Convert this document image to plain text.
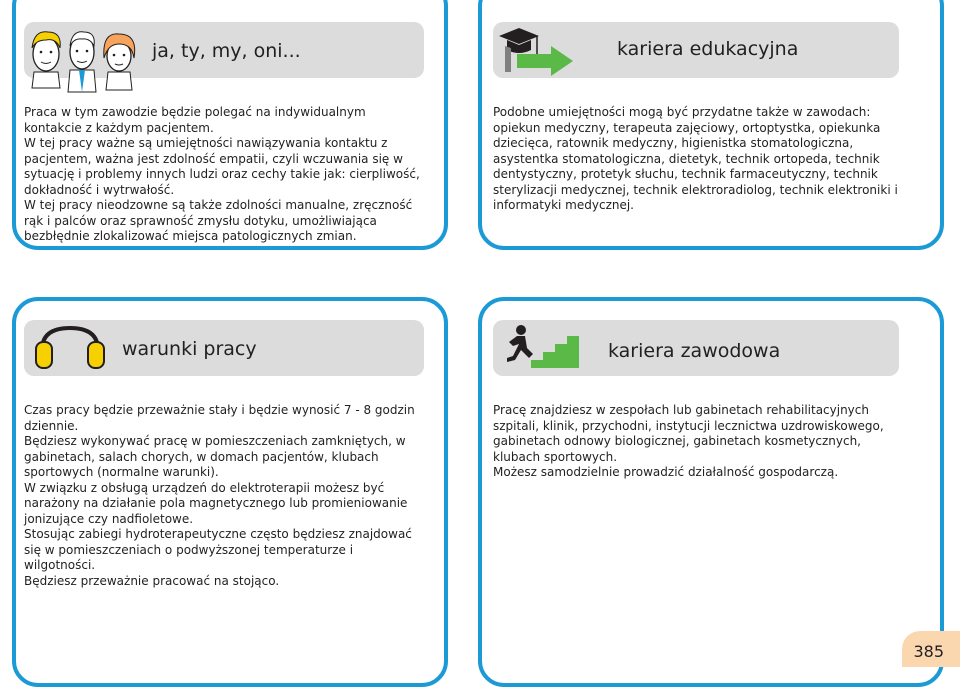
ja, ty, my, oni...

Praca w tym zawodzie będzie polegać na indywidualnym kontakcie z każdym pacjentem.

W tej pracy ważne są umiejętności nawiązywania kontaktu z pacjentem, ważna jest zdolność empatii, czyli wczuwania się w sytuację i problemy innych ludzi oraz cechy takie jak: cierpliwość, dokładność i wytrwałość.

W tej pracy nieodzowne są także zdolności manualne, zręczność rąk i palców oraz sprawność zmysłu dotyku, umożliwiająca bezbłędnie zlokalizować miejsca patologicznych zmian.

kariera edukacyjna

Podobne umiejętności mogą być przydatne także w zawodach: opiekun medyczny, terapeuta zajęciowy, ortoptystka, opiekunka dziecięca, ratownik medyczny, higienistka stomatologiczna, asystentka stomatologiczna, dietetyk, technik ortopeda, technik dentystyczny, protetyk słuchu, technik farmaceutyczny, technik sterylizacji medycznej, technik elektroradiolog, technik elektroniki i informatyki medycznej.

warunki pracy

Czas pracy będzie przeważnie stały i będzie wynosić 7 - 8 godzin dziennie.

Będziesz wykonywać pracę w pomieszczeniach zamkniętych, w gabinetach, salach chorych, w domach pacjentów, klubach sportowych (normalne warunki).

W związku z obsługą urządzeń do elektroterapii możesz być narażony na działanie pola magnetycznego lub promieniowanie jonizujące czy nadfioletowe.

Stosując zabiegi hydroterapeutyczne często będziesz znajdować się w pomieszczeniach o podwyższonej temperaturze i wilgotności.

Będziesz przeważnie pracować na stojąco.

kariera zawodowa

Pracę znajdziesz w zespołach lub gabinetach rehabilitacyjnych szpitali, klinik, przychodni, instytucji lecznictwa uzdrowiskowego, gabinetach odnowy biologicznej, gabinetach kosmetycznych, klubach sportowych.

Możesz samodzielnie prowadzić działalność gospodarczą.

385
